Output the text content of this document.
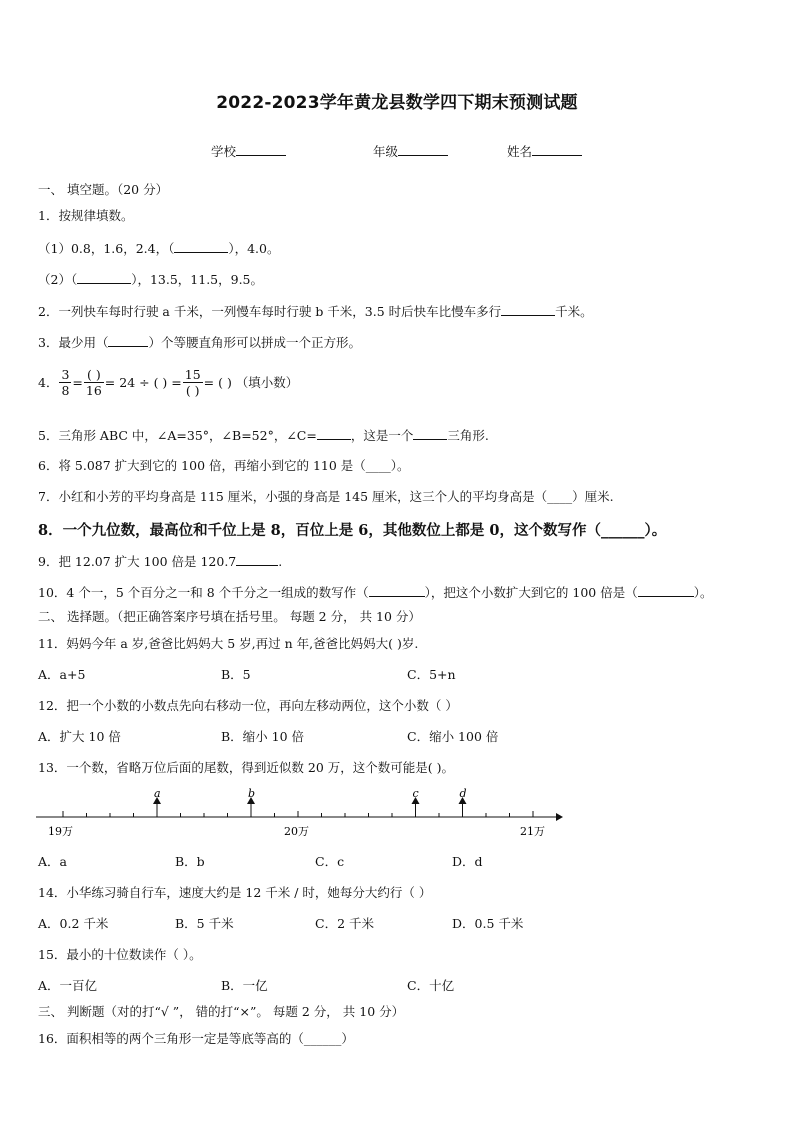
2022-2023学年黄龙县数学四下期末预测试题
学校	年级	姓名
一、 填空题。（20 分）
1．按规律填数。
（1）0.8，1.6，2.4，（	），4.0。
（2）（	），13.5，11.5，9.5。
2．一列快车每时行驶 a 千米，一列慢车每时行驶 b 千米，3.5 时后快车比慢车多行	千米。
3．最少用（	）个等腰直角形可以拼成一个正方形。
4． $\frac{3}{8} = \frac{( )}{16} = 24$ ÷ ( ) = $\frac{15}{( )}$ = ( ) （填小数）
5．三角形 ABC 中，∠A=35°，∠B=52°，∠C=	，这是一个	三角形.
6．将 5.087 扩大到它的 100 倍，再缩小到它的 110 是（____）。
7．小红和小芳的平均身高是 115 厘米，小强的身高是 145 厘米，这三个人的平均身高是（____）厘米.
8．一个九位数，最高位和千位上是 8，百位上是 6，其他数位上都是 0，这个数写作（______）。
9．把 12.07 扩大 100 倍是 120.7	.
10．4 个一，5 个百分之一和 8 个千分之一组成的数写作（	），把这个小数扩大到它的 100 倍是（	）。
二、 选择题。（把正确答案序号填在括号里。 每题 2 分， 共 10 分）
11．妈妈今年 a 岁,爸爸比妈妈大 5 岁,再过 n 年,爸爸比妈妈大( )岁.
A．a+5	B．5	C．5+n
12．把一个小数的小数点先向右移动一位，再向左移动两位，这个小数（ ）
A．扩大 10 倍	B．缩小 10 倍	C．缩小 100 倍
13．一个数，省略万位后面的尾数，得到近似数 20 万，这个数可能是( )。
a	b	c	d
19万	20万	21万
A．a	B．b	C．c	D．d
14．小华练习骑自行车，速度大约是 12 千米 / 时，她每分大约行（ ）
A．0.2 千米	B．5 千米	C．2 千米	D．0.5 千米
15．最小的十位数读作（ ）。
A．一百亿	B．一亿	C．十亿
三、 判断题（对的打“√ ”， 错的打“×”。 每题 2 分， 共 10 分）
16．面积相等的两个三角形一定是等底等高的（______）
